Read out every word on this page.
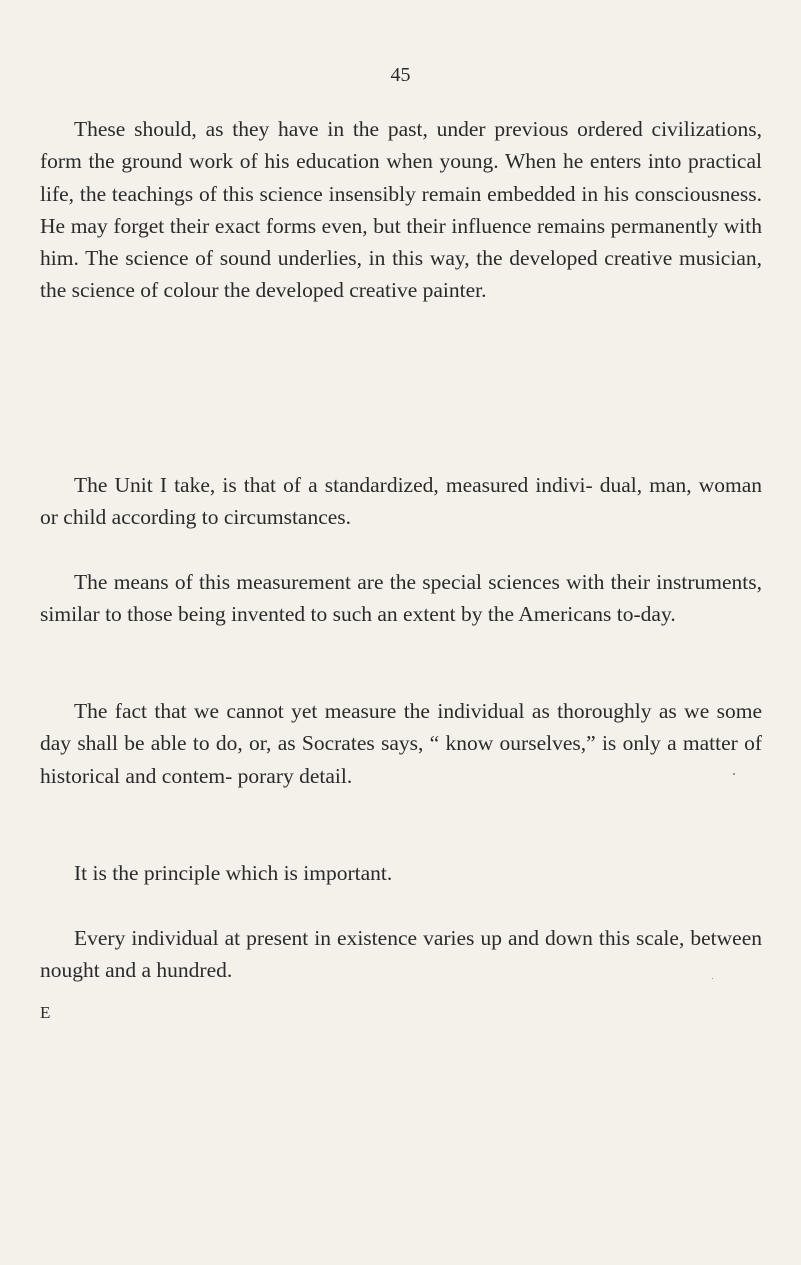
45

These should, as they have in the past, under previous ordered civilizations, form the ground work of his education when young. When he enters into practical life, the teachings of this science insensibly remain embedded in his consciousness. He may forget their exact forms even, but their influence remains permanently with him. The science of sound underlies, in this way, the developed creative musician, the science of colour the developed creative painter.

The Unit I take, is that of a standardized, measured indivi- dual, man, woman or child according to circumstances.

The means of this measurement are the special sciences with their instruments, similar to those being invented to such an extent by the Americans to-day.

The fact that we cannot yet measure the individual as thoroughly as we some day shall be able to do, or, as Socrates says, “ know ourselves,” is only a matter of historical and contem- porary detail.

It is the principle which is important.

Every individual at present in existence varies up and down this scale, between nought and a hundred.

E
